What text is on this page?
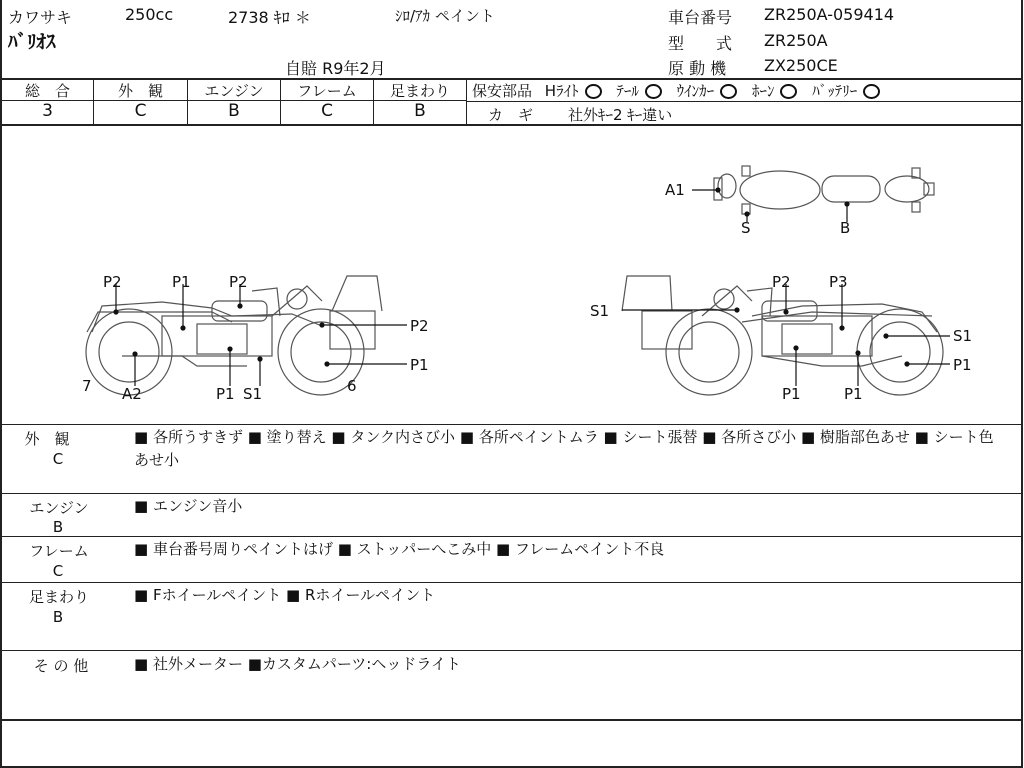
カワサキ	250cc	2738 ｷﾛ ＊	ｼﾛ/ｱｶ ペイント
ﾊﾞﾘｵｽ
自賠 R9年2月
車台番号 ZR250A-059414
型　　式 ZR250A
原 動 機 ZX250CE
総　合	外　観	エンジン	フレーム	足まわり
3	C	B	C	B
保安部品 Hﾗｲﾄ	ﾃｰﾙ	ｳｲﾝｶｰ	ﾎｰﾝ	ﾊﾞｯﾃﾘｰ
カ　ギ 社外ｷｰ2 ｷｰ違い
A1
S	B
P2	P1	P2
P2
P1
7 A2	P1 S1	6
S1
P2	P3
S1
P1
P1	P1
外　観
C
■ 各所うすきず ■ 塗り替え ■ タンク内さび小 ■ 各所ペイントムラ ■ シート張替 ■ 各所さび小 ■ 樹脂部色あせ ■ シート色あせ小
エンジン
B
■ エンジン音小
フレーム
C
■ 車台番号周りペイントはげ ■ ストッパーへこみ中 ■ フレームペイント不良
足まわり
B
■ Fホイールペイント ■ Rホイールペイント
そ の 他	■ 社外メーター ■カスタムパーツ:ヘッドライト
